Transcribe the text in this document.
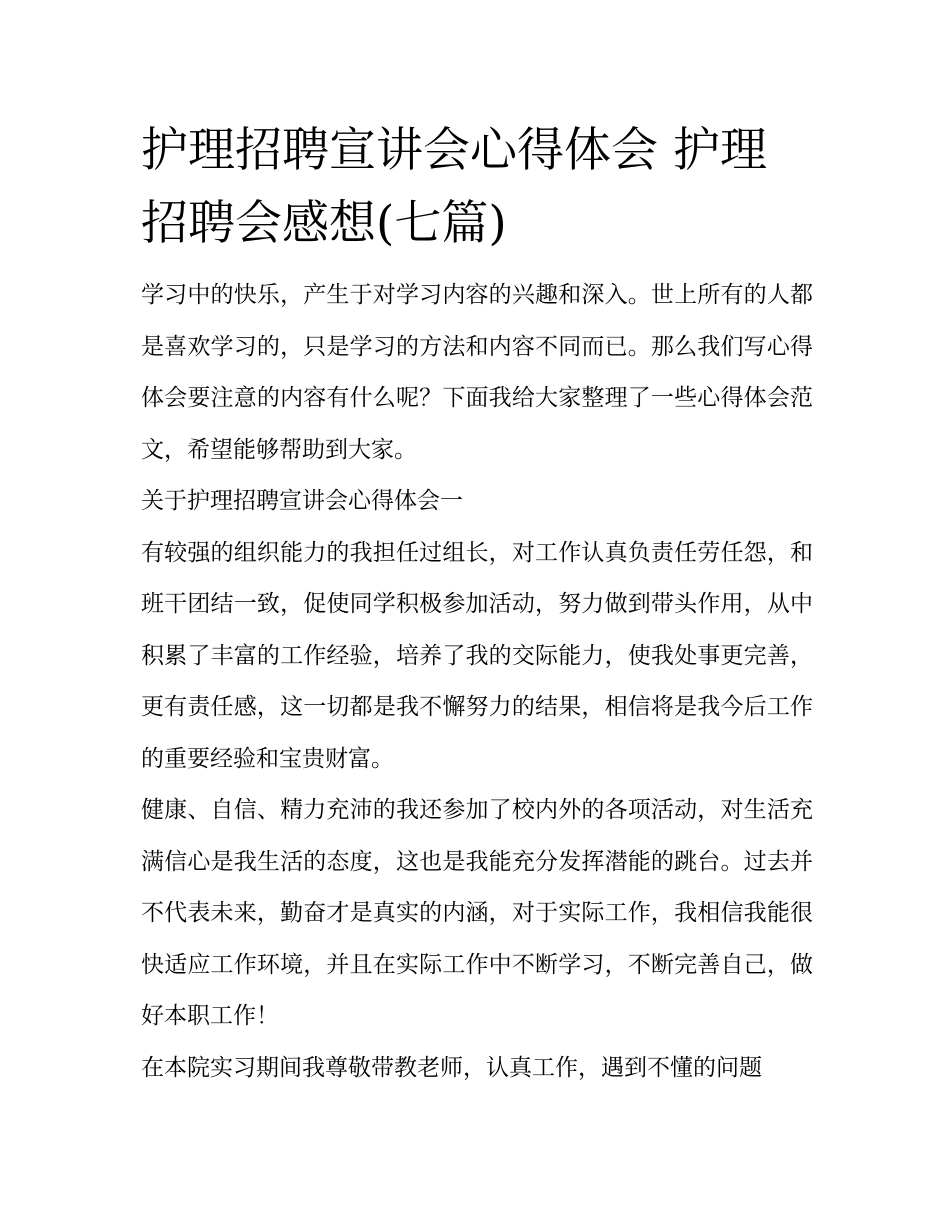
护理招聘宣讲会心得体会 护理招聘会感想(七篇)

学习中的快乐，产生于对学习内容的兴趣和深入。世上所有的人都是喜欢学习的，只是学习的方法和内容不同而已。那么我们写心得体会要注意的内容有什么呢？下面我给大家整理了一些心得体会范文，希望能够帮助到大家。

关于护理招聘宣讲会心得体会一

有较强的组织能力的我担任过组长，对工作认真负责任劳任怨，和班干团结一致，促使同学积极参加活动，努力做到带头作用，从中积累了丰富的工作经验，培养了我的交际能力，使我处事更完善，更有责任感，这一切都是我不懈努力的结果，相信将是我今后工作的重要经验和宝贵财富。

健康、自信、精力充沛的我还参加了校内外的各项活动，对生活充满信心是我生活的态度，这也是我能充分发挥潜能的跳台。过去并不代表未来，勤奋才是真实的内涵，对于实际工作，我相信我能很快适应工作环境，并且在实际工作中不断学习，不断完善自己，做好本职工作！

在本院实习期间我尊敬带教老师，认真工作，遇到不懂的问题
